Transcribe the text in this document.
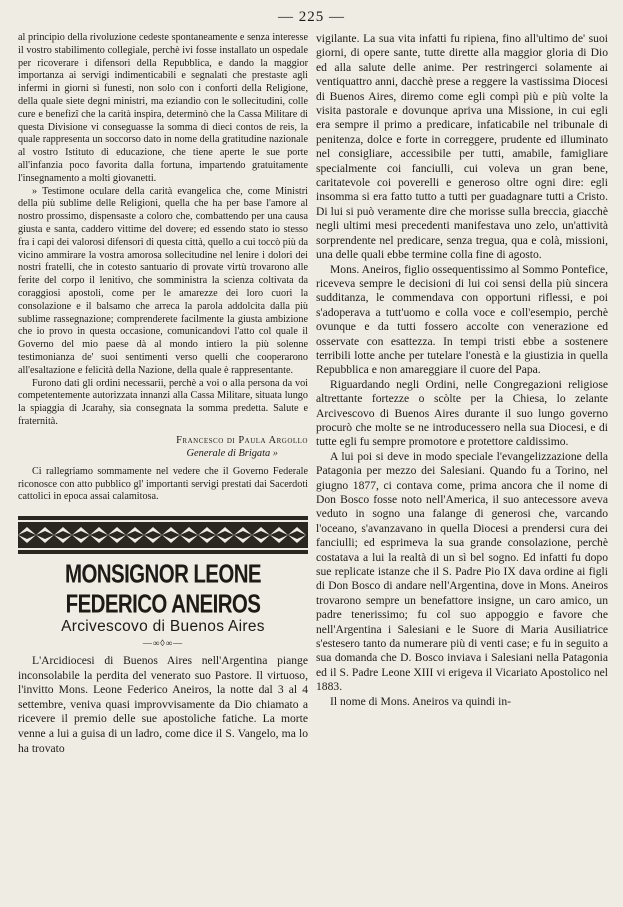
— 225 —

al principio della rivoluzione cedeste spontaneamente e senza interesse il vostro stabilimento collegiale, perchè ivi fosse installato un ospedale per ricoverare i difensori della Repubblica, e dando la maggior importanza ai servigi indimenticabili e segnalati che prestaste agli infermi in giorni sì funesti, non solo con i conforti della Religione, della quale siete degni ministri, ma eziandio con le sollecitudini, colle cure e benefizî che la carità inspira, determinò che la Cassa Militare di questa Divisione vi conseguasse la somma di dieci contos de reis, la quale rappresenta un soccorso dato in nome della gratitudine nazionale al vostro Istituto di educazione, che tiene aperte le sue porte all'infanzia poco favorita dalla fortuna, impartendo gratuitamente l'insegnamento a molti giovanetti.

» Testimone oculare della carità evangelica che, come Ministri della più sublime delle Religioni, quella che ha per base l'amore al nostro prossimo, dispensaste a coloro che, combattendo per una causa giusta e santa, caddero vittime del dovere; ed essendo stato io stesso fra i capi dei valorosi difensori di questa città, quello a cui toccò più da vicino ammirare la vostra amorosa sollecitudine nel lenire i dolori dei nostri fratelli, che in cotesto santuario di provate virtù trovarono alle ferite del corpo il lenitivo, che somministra la scienza coltivata da coraggiosi apostoli, come per le amarezze dei loro cuori la consolazione e il balsamo che arreca la parola addolcita dalla più sublime rassegnazione; comprenderete facilmente la giusta ambizione che io provo in questa occasione, comunicandovi l'atto col quale il Governo del mio paese dà al mondo intiero la più solenne testimonianza de' suoi sentimenti verso quelli che cooperarono all'esaltazione e felicità della Nazione, della quale è rappresentante.

Furono dati gli ordini necessarii, perchè a voi o alla persona da voi competentemente autorizzata innanzi alla Cassa Militare, situata lungo la spiaggia di Jcarahy, sia consegnata la somma predetta. Salute e fraternità.

Francesco di Paula Argollo
Generale di Brigata »

Ci rallegriamo sommamente nel vedere che il Governo Federale riconosce con atto pubblico gl' importanti servigi prestati dai Sacerdoti cattolici in epoca assai calamitosa.

MONSIGNOR LEONE FEDERICO ANEIROS
Arcivescovo di Buenos Aires
—∞◊∞—

L'Arcidiocesi di Buenos Aires nell'Argentina piange inconsolabile la perdita del venerato suo Pastore. Il virtuoso, l'invitto Mons. Leone Federico Aneiros, la notte dal 3 al 4 settembre, veniva quasi improvvisamente da Dio chiamato a ricevere il premio delle sue apostoliche fatiche. La morte venne a lui a guisa di un ladro, come dice il S. Vangelo, ma lo ha trovato

vigilante. La sua vita infatti fu ripiena, fino all'ultimo de' suoi giorni, di opere sante, tutte dirette alla maggior gloria di Dio ed alla salute delle anime. Per restringerci solamente ai ventiquattro anni, dacchè prese a reggere la vastissima Diocesi di Buenos Aires, diremo come egli compì più e più volte la visita pastorale e dovunque apriva una Missione, in cui egli era sempre il primo a predicare, infaticabile nel tribunale di penitenza, dolce e forte in correggere, prudente ed illuminato nel consigliare, accessibile per tutti, amabile, famigliare specialmente coi fanciulli, cui voleva un gran bene, caritatevole coi poverelli e generoso oltre ogni dire: egli insomma si era fatto tutto a tutti per guadagnare tutti a Cristo. Di lui si può veramente dire che morisse sulla breccia, giacchè negli ultimi mesi precedenti manifestava uno zelo, un'attività sorprendente nel predicare, senza tregua, qua e colà, missioni, una delle quali ebbe termine colla fine di agosto.

Mons. Aneiros, figlio ossequentissimo al Sommo Pontefice, riceveva sempre le decisioni di lui coi sensi della più sincera sudditanza, le commendava con opportuni riflessi, e poi s'adoperava a tutt'uomo e colla voce e coll'esempio, perchè ovunque e da tutti fossero accolte con venerazione ed osservate con esattezza. In tempi tristi ebbe a sostenere terribili lotte anche per tutelare l'onestà e la giustizia in quella Repubblica e non amareggiare il cuore del Papa.

Riguardando negli Ordini, nelle Congregazioni religiose altrettante fortezze o scòlte per la Chiesa, lo zelante Arcivescovo di Buenos Aires durante il suo lungo governo procurò che molte se ne introducessero nella sua Diocesi, e di tutte egli fu sempre promotore e protettore caldissimo.

A lui poi si deve in modo speciale l'evangelizzazione della Patagonia per mezzo dei Salesiani. Quando fu a Torino, nel giugno 1877, ci contava come, prima ancora che il nome di Don Bosco fosse noto nell'America, il suo antecessore aveva veduto in sogno una falange di generosi che, varcando l'oceano, s'avanzavano in quella Diocesi a prendersi cura dei fanciulli; ed esprimeva la sua grande consolazione, perchè costatava a lui la realtà di un sì bel sogno. Ed infatti fu dopo sue replicate istanze che il S. Padre Pio IX dava ordine ai figli di Don Bosco di andare nell'Argentina, dove in Mons. Aneiros trovarono sempre un benefattore insigne, un caro amico, un padre tenerissimo; fu col suo appoggio e favore che nell'Argentina i Salesiani e le Suore di Maria Ausiliatrice s'estesero tanto da numerare più di venti case; e fu in seguito a sua domanda che D. Bosco inviava i Salesiani nella Patagonia ed il S. Padre Leone XIII vi erigeva il Vicariato Apostolico nel 1883.

Il nome di Mons. Aneiros va quindi in-
